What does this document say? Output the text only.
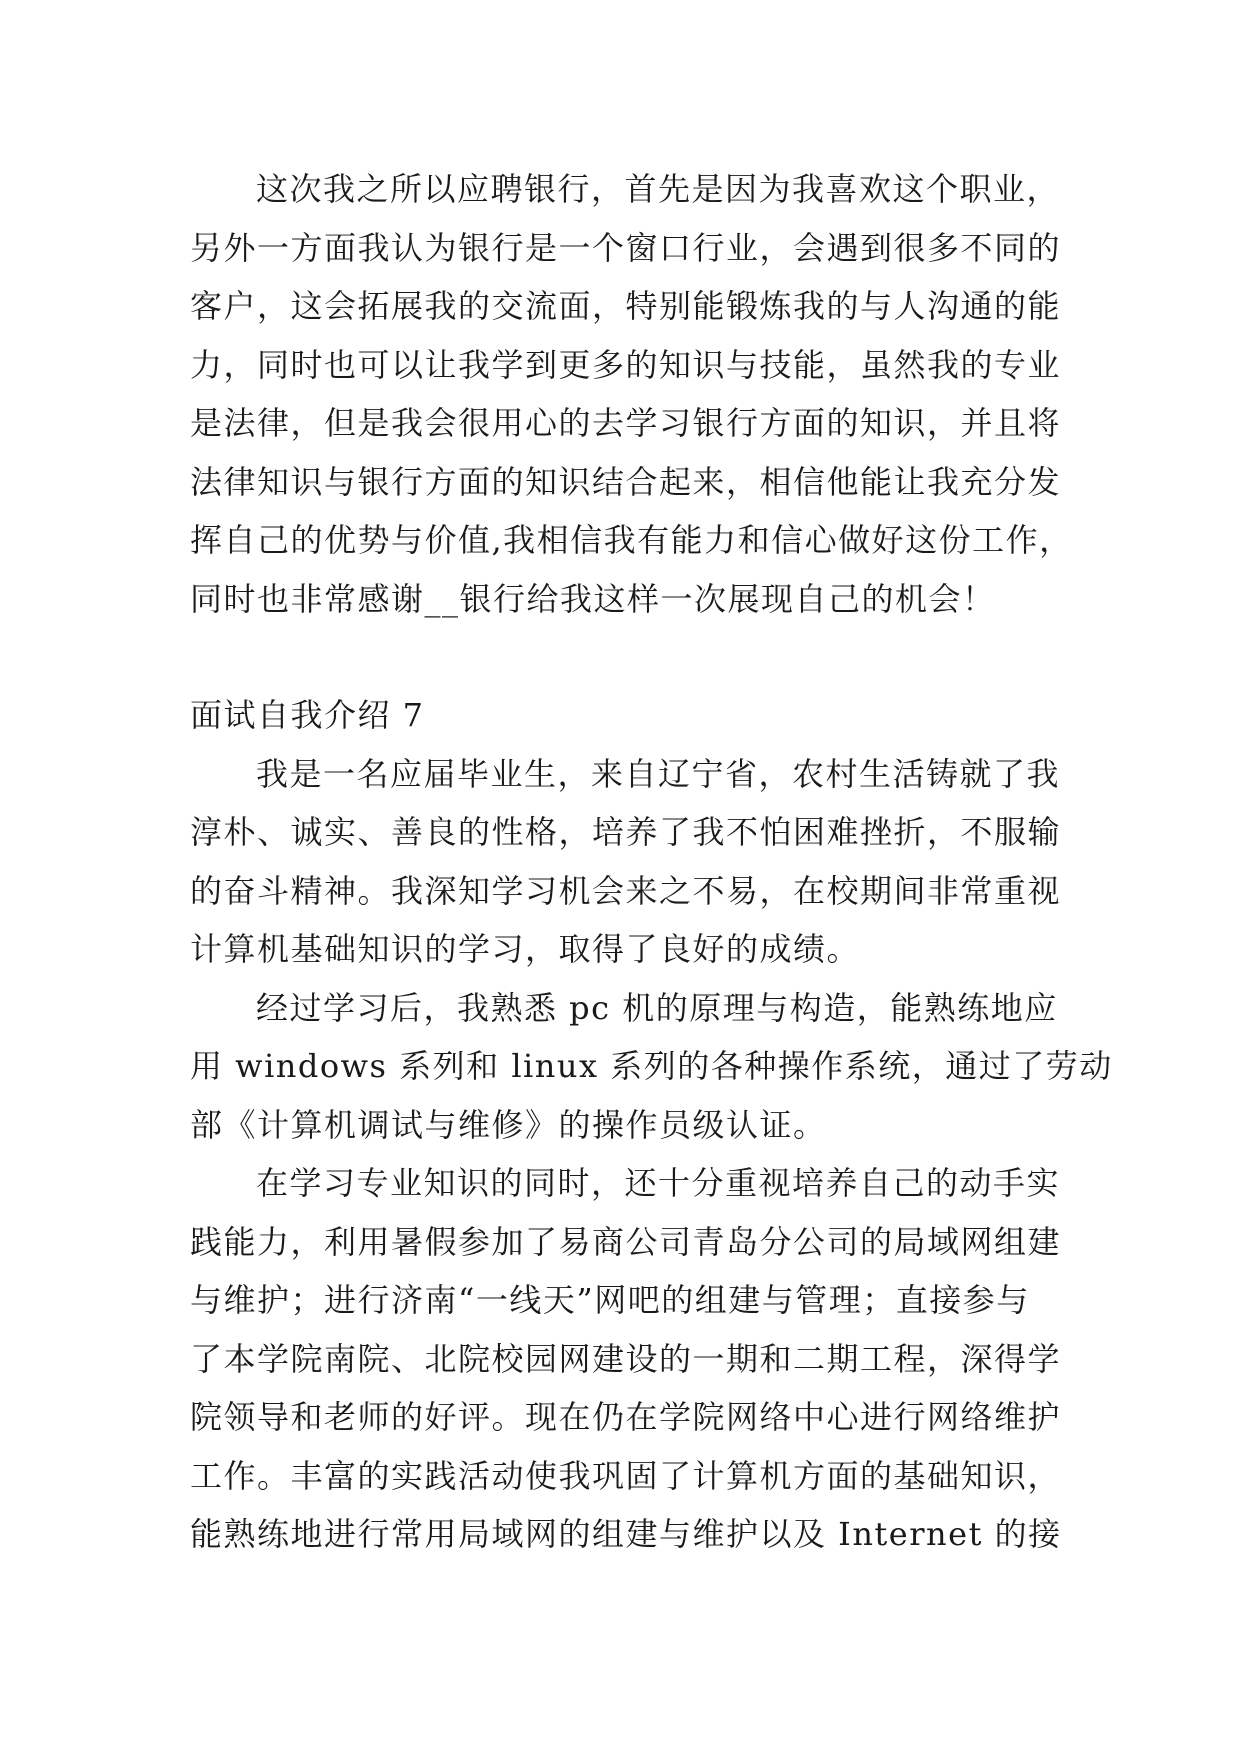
这次我之所以应聘银行，首先是因为我喜欢这个职业，
另外一方面我认为银行是一个窗口行业，会遇到很多不同的
客户，这会拓展我的交流面，特别能锻炼我的与人沟通的能
力，同时也可以让我学到更多的知识与技能，虽然我的专业
是法律，但是我会很用心的去学习银行方面的知识，并且将
法律知识与银行方面的知识结合起来，相信他能让我充分发
挥自己的优势与价值,我相信我有能力和信心做好这份工作，
同时也非常感谢__银行给我这样一次展现自己的机会！
面试自我介绍 7
我是一名应届毕业生，来自辽宁省，农村生活铸就了我
淳朴、诚实、善良的性格，培养了我不怕困难挫折，不服输
的奋斗精神。我深知学习机会来之不易，在校期间非常重视
计算机基础知识的学习，取得了良好的成绩。
经过学习后，我熟悉 pc 机的原理与构造，能熟练地应
用 windows 系列和 linux 系列的各种操作系统，通过了劳动
部《计算机调试与维修》的操作员级认证。
在学习专业知识的同时，还十分重视培养自己的动手实
践能力，利用暑假参加了易商公司青岛分公司的局域网组建
与维护；进行济南“一线天”网吧的组建与管理；直接参与
了本学院南院、北院校园网建设的一期和二期工程，深得学
院领导和老师的好评。现在仍在学院网络中心进行网络维护
工作。丰富的实践活动使我巩固了计算机方面的基础知识，
能熟练地进行常用局域网的组建与维护以及 Internet 的接
